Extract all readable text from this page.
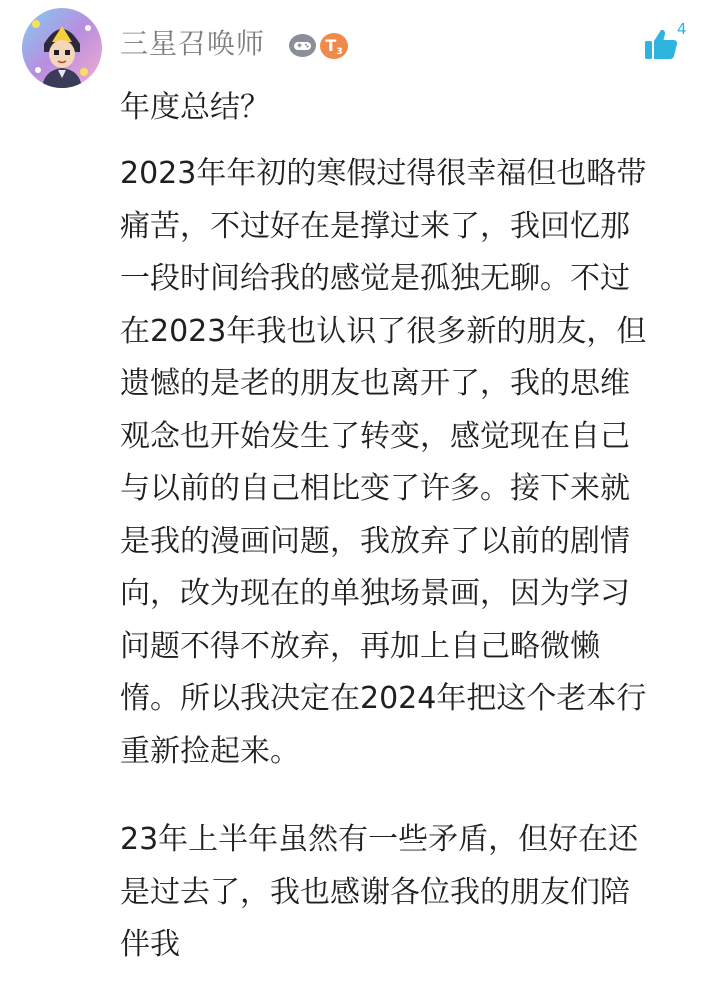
三星召唤师	$T_3$
4
年度总结？
2023年年初的寒假过得很幸福但也略带
痛苦，不过好在是撑过来了，我回忆那
一段时间给我的感觉是孤独无聊。不过
在2023年我也认识了很多新的朋友，但
遗憾的是老的朋友也离开了，我的思维
观念也开始发生了转变，感觉现在自己
与以前的自己相比变了许多。接下来就
是我的漫画问题，我放弃了以前的剧情
向，改为现在的单独场景画，因为学习
问题不得不放弃，再加上自己略微懒
惰。所以我决定在2024年把这个老本行
重新捡起来。
23年上半年虽然有一些矛盾，但好在还
是过去了，我也感谢各位我的朋友们陪
伴我
